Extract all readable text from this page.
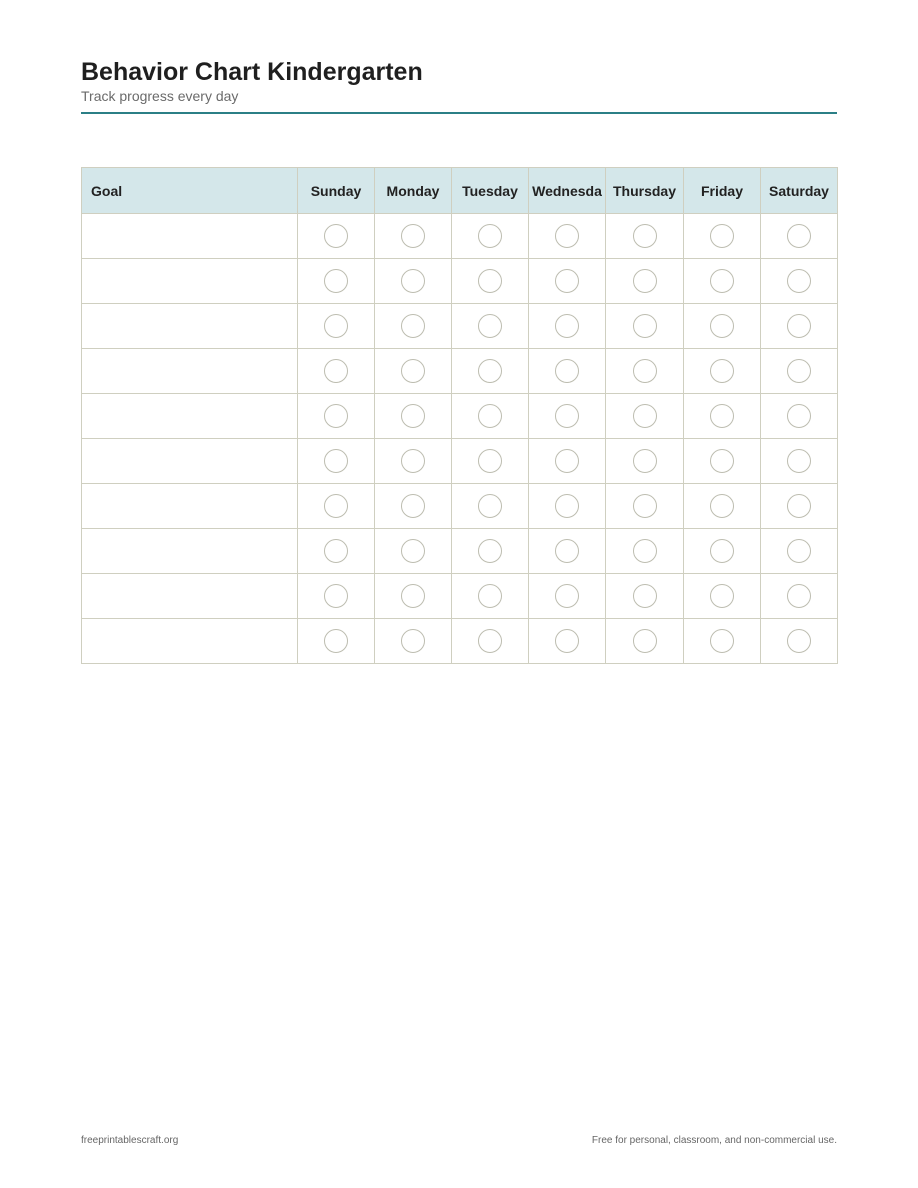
Behavior Chart Kindergarten
Track progress every day
Goal	Sunday	Monday	Tuesday	Wednesda	Thursday	Friday	Saturday

freeprintablescraft.org	Free for personal, classroom, and non-commercial use.
